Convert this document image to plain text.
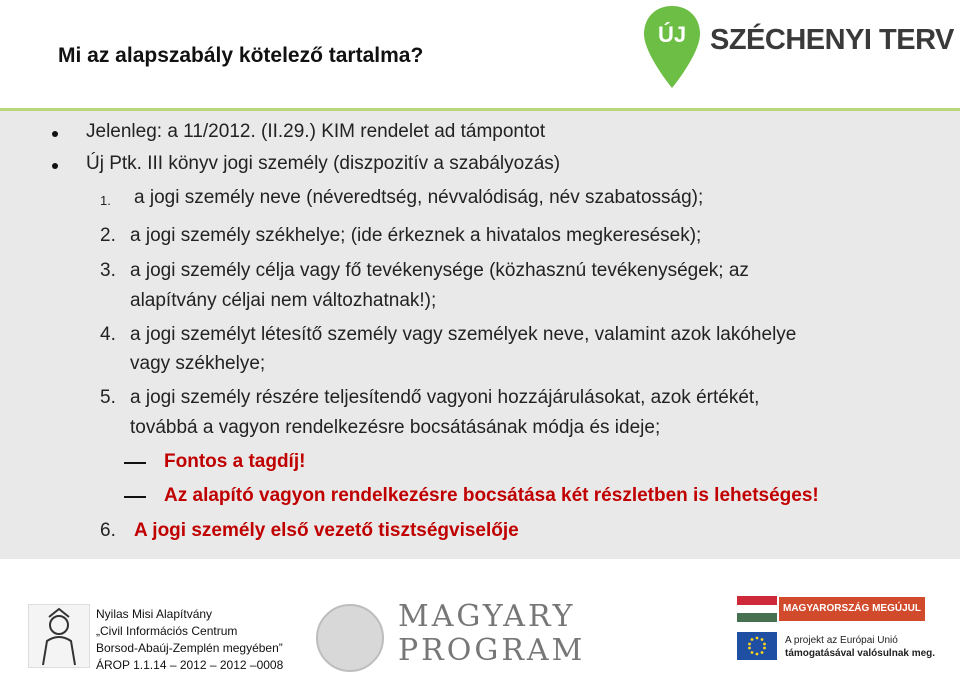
Mi az alapszabály kötelező tartalma?
ÚJ SZÉCHENYI TERV
Jelenleg: a 11/2012. (II.29.) KIM rendelet ad támpontot
Új Ptk. III könyv jogi személy (diszpozitív a szabályozás)
1. a jogi személy neve (néveredtség, névvalódiság, név szabatosság);
2. a jogi személy székhelye; (ide érkeznek a hivatalos megkeresések);
3. a jogi személy célja vagy fő tevékenysége (közhasznú tevékenységek; az
alapítvány céljai nem változhatnak!);
4. a jogi személyt létesítő személy vagy személyek neve, valamint azok lakóhelye
vagy székhelye;
5. a jogi személy részére teljesítendő vagyoni hozzájárulásokat, azok értékét,
továbbá a vagyon rendelkezésre bocsátásának módja és ideje;
Fontos a tagdíj!
Az alapító vagyon rendelkezésre bocsátása két részletben is lehetséges!
6. A jogi személy első vezető tisztségviselője
Nyilas Misi Alapítvány
„Civil Információs Centrum
Borsod-Abaúj-Zemplén megyében”
ÁROP 1.1.14 – 2012 – 2012 –0008
MAGYARY
PROGRAM
MAGYARORSZÁG MEGÚJUL
A projekt az Európai Unió
támogatásával valósulnak meg.
